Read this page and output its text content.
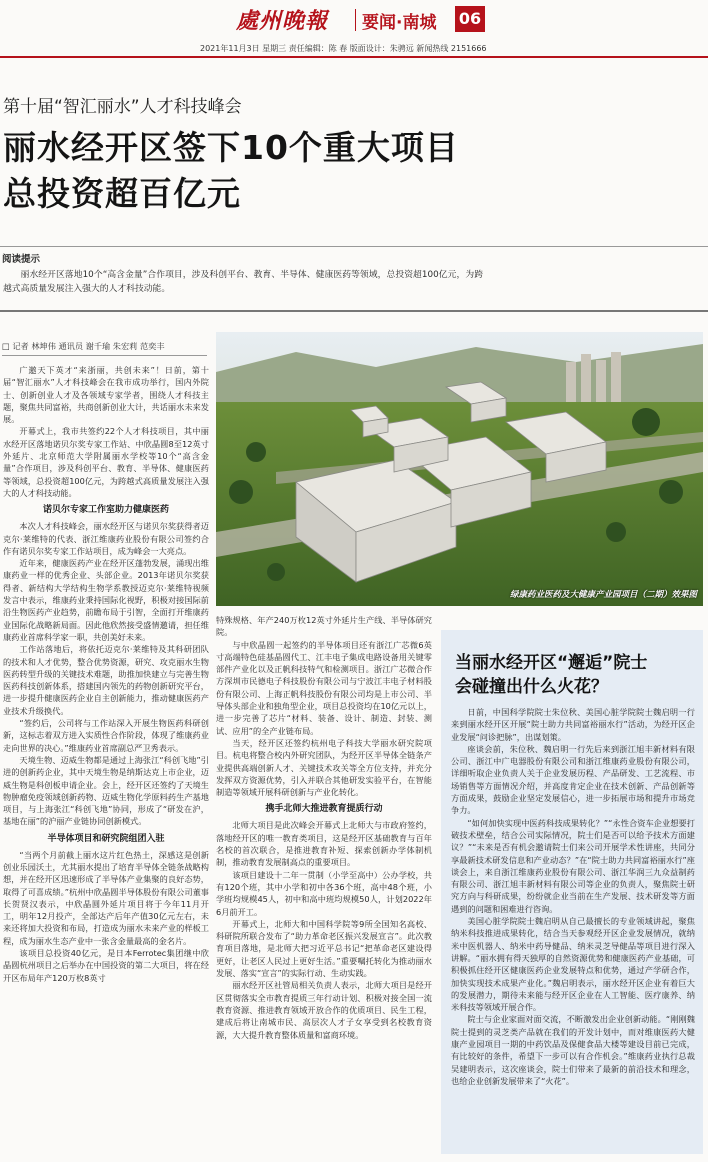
處州晚報 要闻·南城 06
2021年11月3日 星期三 责任编辑：陈 春 版面设计：朱骋远 新闻热线 2151666
第十届“智汇丽水”人才科技峰会
丽水经开区签下10个重大项目
总投资超百亿元
阅读提示
丽水经开区落地10个“高含金量”合作项目，涉及科创平台、教育、半导体、健康医药等领域，总投资超100亿元，为跨越式高质量发展注入强大的人才科技动能。
□ 记者 林坤伟 通讯员 谢千瑜 朱宏莉 范奕丰
绿康药业医药及大健康产业园项目（二期）效果图

广邀天下英才“来浙丽，共创未来”！日前，第十届“智汇丽水”人才科技峰会在我市成功举行，国内外院士、创新创业人才及各领域专家学者，围绕人才科技主题，聚焦共同富裕，共商创新创业大计，共话丽水未来发展。

开幕式上，我市共签约22个人才科技项目，其中丽水经开区落地诺贝尔奖专家工作站、中欣晶圆8至12英寸外延片、北京师范大学附属丽水学校等10个“高含金量”合作项目，涉及科创平台、教育、半导体、健康医药等领域，总投资超100亿元，为跨越式高质量发展注入强大的人才科技动能。

诺贝尔专家工作室助力健康医药

本次人才科技峰会，丽水经开区与诺贝尔奖获得者迈克尔·莱维特的代表、浙江维康药业股份有限公司签约合作有诺贝尔奖专家工作站项目，成为峰会一大亮点。

近年来，健康医药产业在经开区蓬勃发展，涌现出维康药业一样的优秀企业、头部企业。2013年诺贝尔奖获得者、新结构大学结构生物学系教授迈克尔·莱维特视频发言中表示，维康药业秉持国际化视野，积极对接国际前沿生物医药产业趋势，前瞻布局于引智，全面打开维康药业国际化战略新局面。因此他欣然接受盛情邀请，担任维康药业首席科学家一职，共创美好未来。

工作站落地后，将依托迈克尔·莱维特及其科研团队的技术和人才优势，整合优势资源，研究、攻克丽水生物医药转型升级的关键技术难题，助推加快建立与完善生物医药科技创新体系，搭建国内领先的药物创新研究平台，进一步提升健康医药企业自主创新能力，推动健康医药产业技术升级换代。

“签约后，公司将与工作站深入开展生物医药科研创新，这标志着双方进入实质性合作阶段，体现了维康药业走向世界的决心。”维康药业首席副总严卫秀表示。

天境生物、迈威生物都是通过上海张江“科创飞地”引进的创新药企业，其中天境生物是纳斯达克上市企业，迈威生物是科创板申请企业。会上，经开区还签约了天境生物肿瘤免疫领域创新药物、迈威生物化学原料药生产基地项目，与上海张江“科创飞地”协同，形成了“研发在沪，基地在丽”的沪丽产业链协同创新模式。

半导体项目和研究院组团入驻

“当两个月前截上丽水这片红色热土，深感这是创新创业乐园沃土，尤其丽水提出了培育半导体全链条战略构想，并在经开区迅速形成了半导体产业集聚的良好态势，取得了可喜成绩。”杭州中欣晶圆半导体股份有限公司董事长贺贤汉表示，中欣晶圆外延片项目将于今年11月开工，明年12月投产，全部达产后年产值30亿元左右，未来还将加大投资和布局，打造成为丽水未来产业的样板工程，成为丽水生态产业中一张含金量最高的金名片。

该项目总投资40亿元，是日本Ferrotec集团继中欣晶圆杭州项目之后举办在中国投资的第二大项目，将在经开区布局年产120万枚8英寸

特殊规格、年产240万枚12英寸外延片生产线、半导体研究院。

与中欣晶圆一起签约的半导体项目还有浙江广芯微6英寸高端特色硅基晶圆代工、江丰电子集成电路设备用关键零部件产业化以及正帆科技特气和检测项目。浙江广芯微合作方深圳市民德电子科技股份有限公司与宁波江丰电子材料股份有限公司、上海正帆科技股份有限公司均是上市公司、半导体头部企业和独角型企业，项目总投资均在10亿元以上，进一步完善了芯片“材料、装备、设计、制造、封装、测试、应用”的全产业链布局。

当天，经开区还签约杭州电子科技大学丽水研究院项目。杭电将整合校内外研究团队，为经开区半导体全链条产业提供高端创新人才、关键技术攻关等全方位支持，并充分发挥双方资源优势，引入并联合其他研发实验平台，在智能制造等领域开展科研创新与产业化转化。

携手北师大推进教育提质行动

北师大项目是此次峰会开幕式上北师大与市政府签约，落地经开区的唯一教育类项目，这是经开区基础教育与百年名校的首次联合，是推进教育补短、探索创新办学体制机制，推动教育发展制高点的重要项目。

该项目建设十二年一贯制（小学至高中）公办学校，共有120个班，其中小学和初中各36个班，高中48个班，小学班均规模45人，初中和高中班均规模50人，计划2022年6月前开工。

开幕式上，北师大和中国科学院等9所全国知名高校、科研院所联合发布了“助力革命老区振兴发展宣言”。此次教育项目落地，是北师大把习近平总书记“把革命老区建设得更好，让老区人民过上更好生活。”重要嘱托转化为推动丽水发展、落实“宣言”的实际行动、生动实践。

丽水经开区社管局相关负责人表示，北师大项目是经开区贯彻落实全市教育提质三年行动计划、积极对接全国一流教育资源、推进教育领域开放合作的优质项目、民生工程，建成后将让南城市民、高层次人才子女享受到名校教育资源，大大提升教育整体质量和富商环境。

当丽水经开区“邂逅”院士
会碰撞出什么火花？

日前，中国科学院院士朱位秋、美国心脏学院院士魏启明一行来到丽水经开区开展“院士助力共同富裕丽水行”活动，为经开区企业发展“问诊把脉”，出谋划策。

座谈会前，朱位秋、魏启明一行先后来到浙江旭丰新材料有限公司、浙江中广电器股份有限公司和浙江维康药业股份有限公司，详细听取企业负责人关于企业发展历程、产品研发、工艺流程、市场销售等方面情况介绍，并高度肯定企业在技术创新、产品创新等方面成果，鼓励企业坚定发展信心，进一步拓展市场和提升市场竞争力。

“如何加快实现中医药科技成果转化？”“永性合资车企业想要打破技术壁垒，结合公司实际情况，院士们是否可以给予技术方面建议？”“未来是否有机会邀请院士们来公司开展学术性讲座，共同分享最新技术研发信息和产业动态？”在“院士助力共同富裕丽水行”座谈会上，来自浙江维康药业股份有限公司、浙江华润三九众益制药有限公司、浙江旭丰新材料有限公司等企业的负责人，聚焦院士研究方向与科研成果，纷纷就企业当前在生产发展、技术研发等方面遇到的问题和困难进行咨询。

美国心脏学院院士魏启明从自己最擅长的专业领域讲起，聚焦纳米科技推进成果转化，结合当天参观经开区企业发展情况，就纳米中医机器人、纳米中药导健品、纳米灵芝导健品等项目进行深入讲解。“丽水拥有得天独厚的自然资源优势和健康医药产业基础，可积极抓住经开区健康医药企业发展特点和优势，通过产学研合作，加快实现技术成果产业化。”魏启明表示，丽水经开区企业有着巨大的发展潜力，期待未来能与经开区企业在人工智能、医疗康养、纳米科技等领域开展合作。

院士与企业家面对面交流，不断激发出企业创新动能。“刚刚魏院士提到的灵芝类产品就在我们的开发计划中，而对维康医药大健康产业园项目一期的中药饮品及保健食品大楼等建设目前已完成，有比较好的条件，希望下一步可以有合作机会。”维康药业执行总裁吴建明表示，这次座谈会，院士们带来了最新的前沿技术和理念，也给企业创新发展带来了“火花”。
